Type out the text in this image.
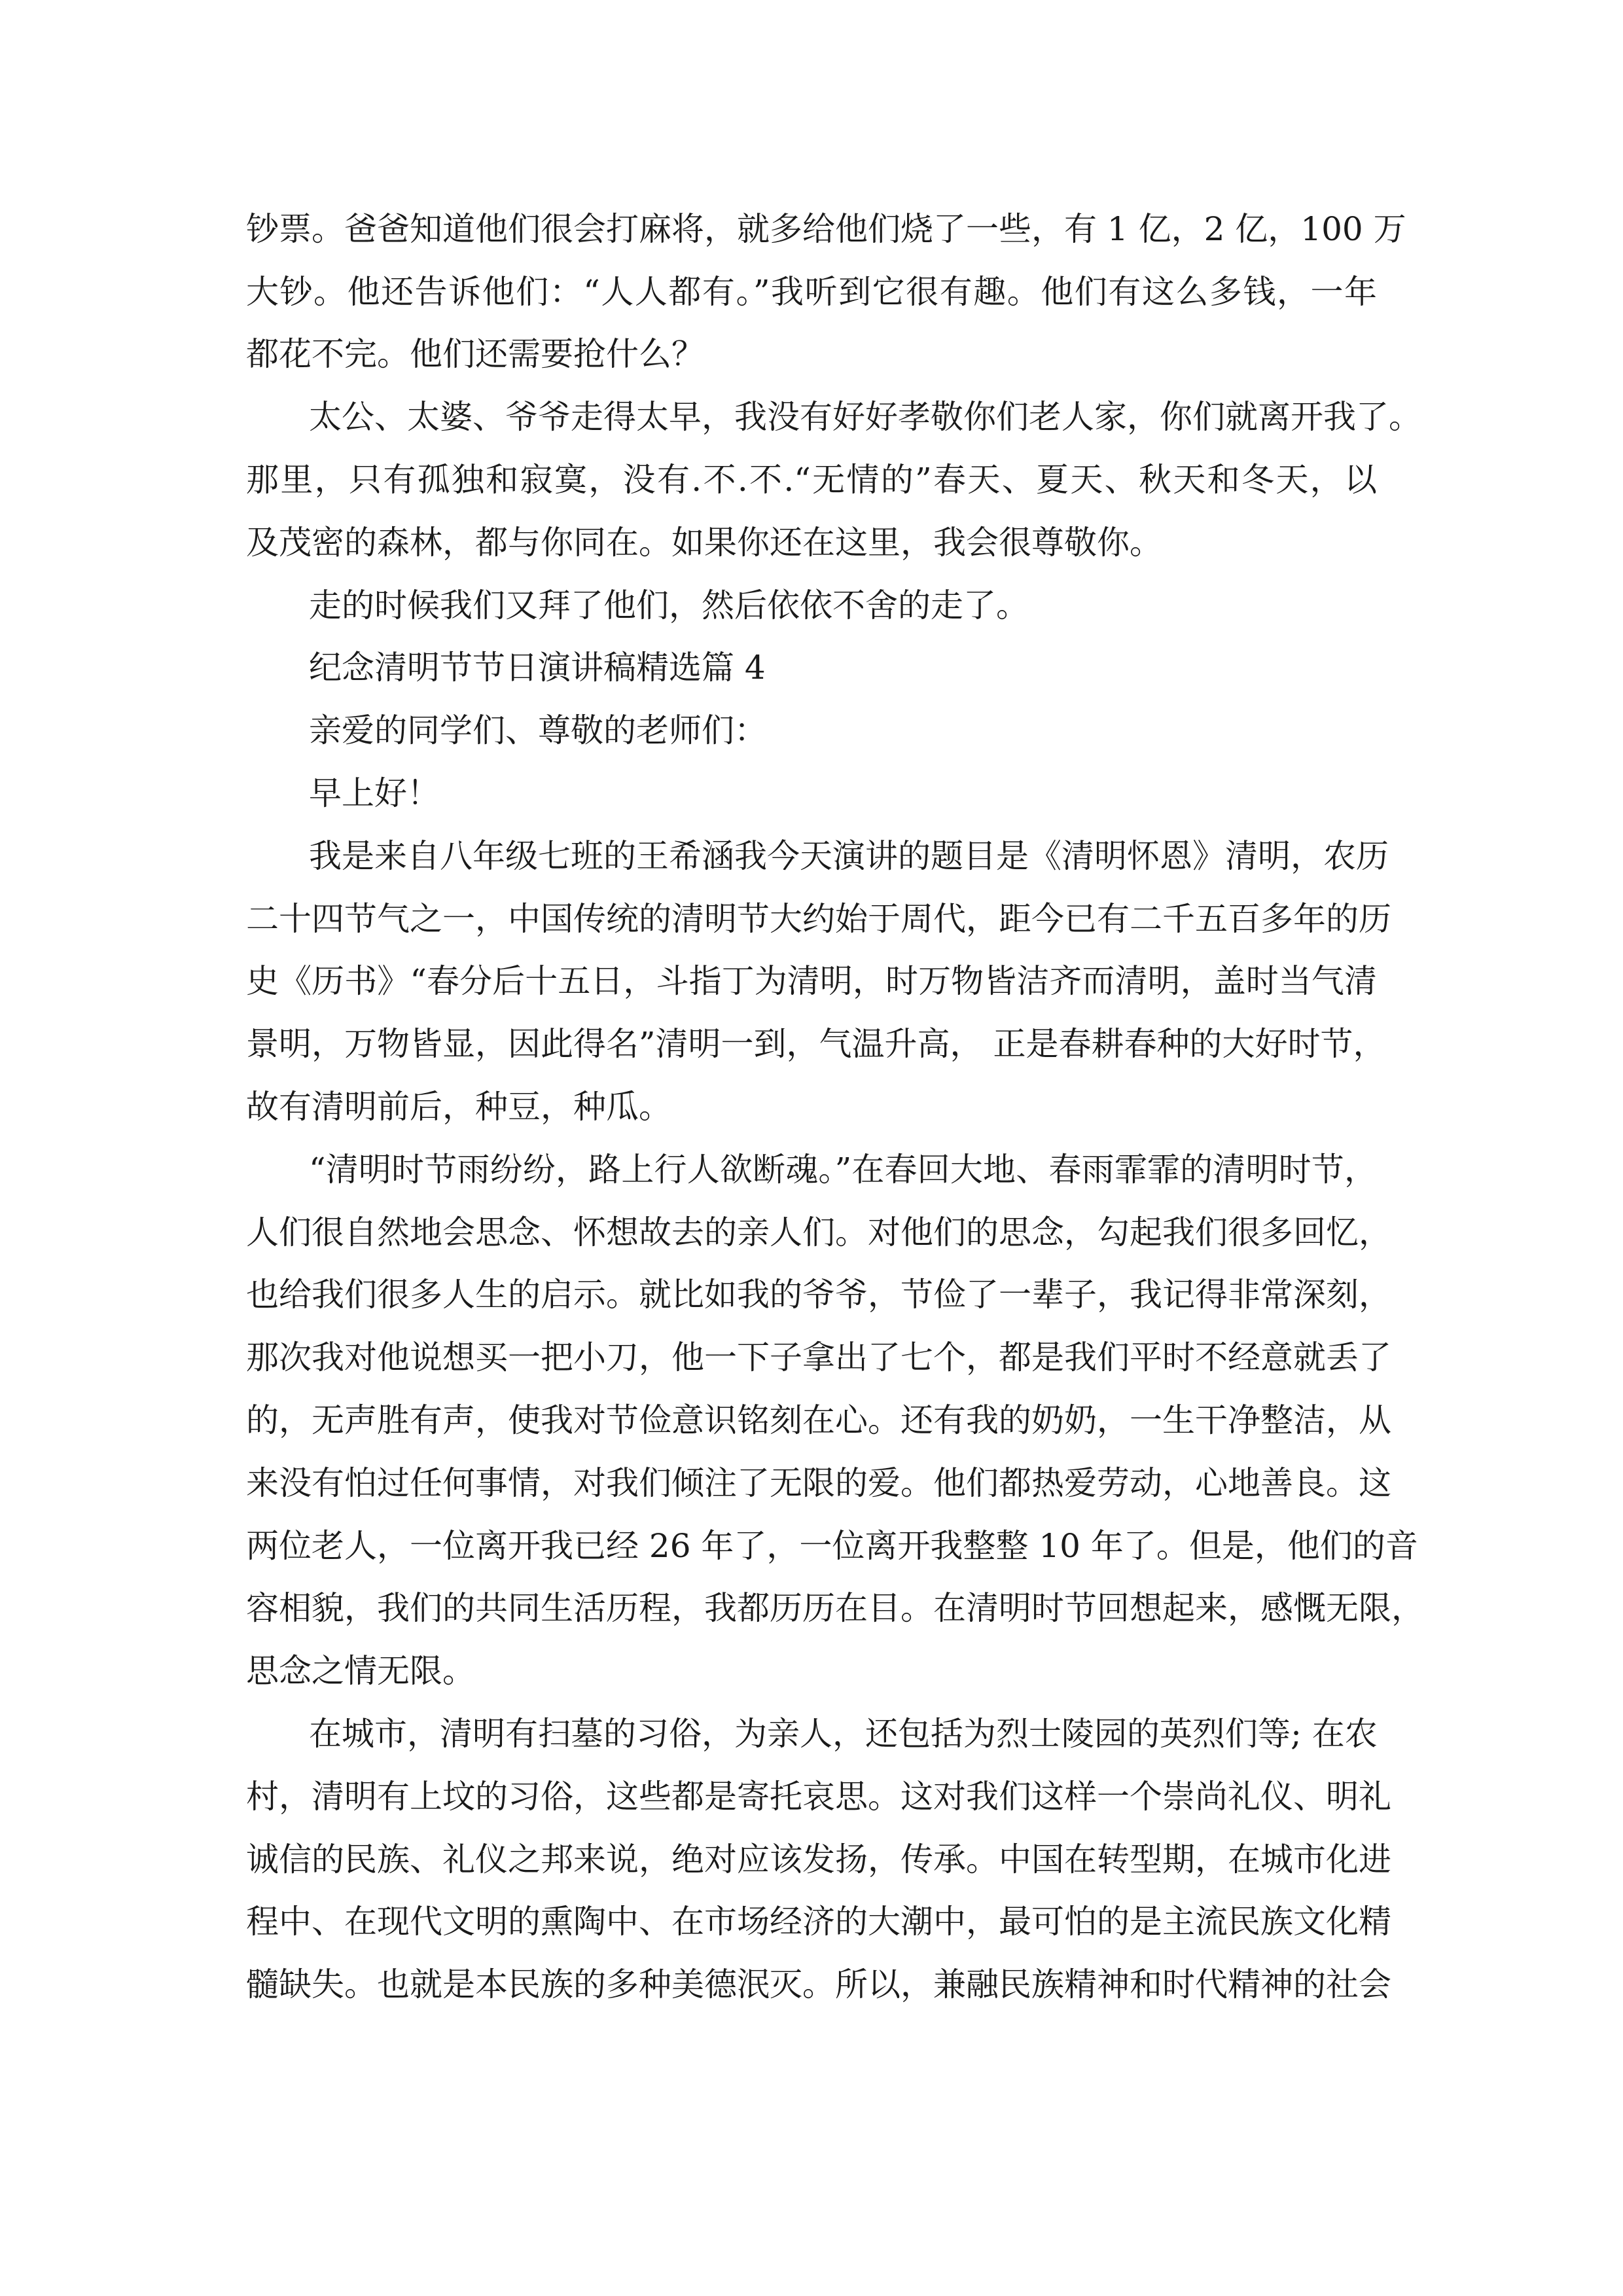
钞票。爸爸知道他们很会打麻将，就多给他们烧了一些，有 1 亿，2 亿，100 万
大钞。他还告诉他们：“人人都有。”我听到它很有趣。他们有这么多钱，一年
都花不完。他们还需要抢什么？
太公、太婆、爷爷走得太早，我没有好好孝敬你们老人家，你们就离开我了。
那里，只有孤独和寂寞，没有.不.不.“无情的”春天、夏天、秋天和冬天，以
及茂密的森林，都与你同在。如果你还在这里，我会很尊敬你。
走的时候我们又拜了他们，然后依依不舍的走了。
纪念清明节节日演讲稿精选篇 4
亲爱的同学们、尊敬的老师们：
早上好！
我是来自八年级七班的王希涵我今天演讲的题目是《清明怀恩》清明，农历
二十四节气之一，中国传统的清明节大约始于周代，距今已有二千五百多年的历
史《历书》“春分后十五日，斗指丁为清明，时万物皆洁齐而清明，盖时当气清
景明，万物皆显，因此得名”清明一到，气温升高， 正是春耕春种的大好时节，
故有清明前后，种豆，种瓜。
“清明时节雨纷纷，路上行人欲断魂。”在春回大地、春雨霏霏的清明时节，
人们很自然地会思念、怀想故去的亲人们。对他们的思念，勾起我们很多回忆，
也给我们很多人生的启示。就比如我的爷爷，节俭了一辈子，我记得非常深刻，
那次我对他说想买一把小刀，他一下子拿出了七个，都是我们平时不经意就丢了
的，无声胜有声，使我对节俭意识铭刻在心。还有我的奶奶，一生干净整洁，从
来没有怕过任何事情，对我们倾注了无限的爱。他们都热爱劳动，心地善良。这
两位老人，一位离开我已经 26 年了，一位离开我整整 10 年了。但是，他们的音
容相貌，我们的共同生活历程，我都历历在目。在清明时节回想起来，感慨无限，
思念之情无限。
在城市，清明有扫墓的习俗，为亲人，还包括为烈士陵园的英烈们等; 在农
村，清明有上坟的习俗，这些都是寄托哀思。这对我们这样一个崇尚礼仪、明礼
诚信的民族、礼仪之邦来说，绝对应该发扬，传承。中国在转型期，在城市化进
程中、在现代文明的熏陶中、在市场经济的大潮中，最可怕的是主流民族文化精
髓缺失。也就是本民族的多种美德泯灭。所以，兼融民族精神和时代精神的社会
